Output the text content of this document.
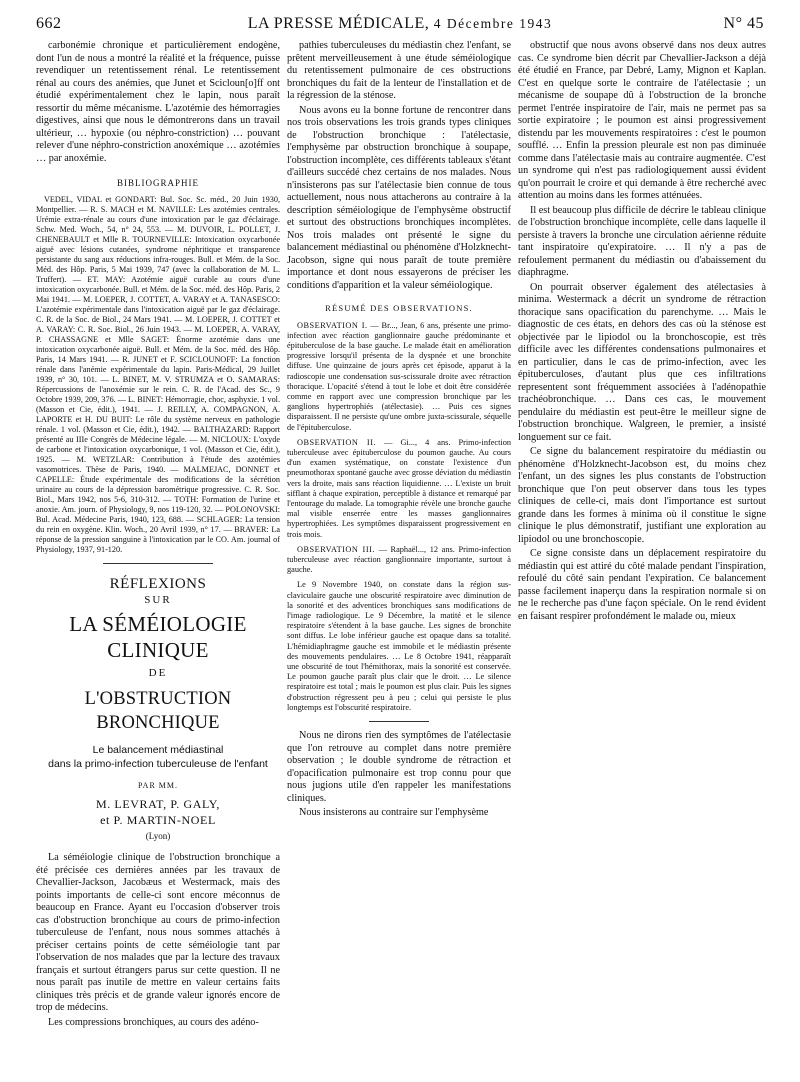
662	LA PRESSE MÉDICALE, 4 Décembre 1943	N° 45

carbonémie chronique et particulièrement endogène, dont l'un de nous a montré la réalité et la fréquence, puisse revendiquer un retentissement rénal. Le retentissement rénal au cours des anémies, que Junet et Scicloun[o]ff ont étudié expérimentalement chez le lapin, nous paraît ressortir du même mécanisme. L'azotémie des hémorragies digestives, ainsi que nous le démontrerons dans un travail ultérieur, … hypoxie (ou néphro-constriction) … pouvant relever d'une néphro-constriction anoxémique … azotémies … par anoxémie.

BIBLIOGRAPHIE

VEDEL, VIDAL et GONDART: Bul. Soc. Sc. méd., 20 Juin 1930, Montpellier. — R. S. MACH et M. NAVILLE: Les azotémies centrales. Urémie extra-rénale au cours d'une intoxication par le gaz d'éclairage. Schw. Med. Woch., 54, n° 24, 553. — M. DUVOIR, L. POLLET, J. CHENEBAULT et Mlle R. TOURNEVILLE: Intoxication oxycarbonée aiguë avec lésions cutanées, syndrome néphritique et transparence persistante du sang aux réductions infra-rouges. Bull. et Mém. de la Soc. Méd. des Hôp. Paris, 5 Mai 1939, 747 (avec la collaboration de M. L. Truffert). — ET. MAY: Azotémie aiguë curable au cours d'une intoxication oxycarbonée. Bull. et Mém. de la Soc. méd. des Hôp. Paris, 2 Mai 1941. — M. LOEPER, J. COTTET, A. VARAY et A. TANASESCO: L'azotémie expérimentale dans l'intoxication aiguë par le gaz d'éclairage. C. R. de la Soc. de Biol., 24 Mars 1941. — M. LOEPER, J. COTTET et A. VARAY: C. R. Soc. Biol., 26 Juin 1943. — M. LOEPER, A. VARAY, P. CHASSAGNE et Mlle SAGET: Énorme azotémie dans une intoxication oxycarbonée aiguë. Bull. et Mém. de la Soc. méd. des Hôp. Paris, 14 Mars 1941. — R. JUNET et F. SCICLOUNOFF: La fonction rénale dans l'anémie expérimentale du lapin. Paris-Médical, 29 Juillet 1939, n° 30, 101. — L. BINET, M. V. STRUMZA et O. SAMARAS: Répercussions de l'anoxémie sur le rein. C. R. de l'Acad. des Sc., 9 Octobre 1939, 209, 376. — L. BINET: Hémorragie, choc, asphyxie. 1 vol. (Masson et Cie, édit.), 1941. — J. REILLY, A. COMPAGNON, A. LAPORTE et H. DU BUIT: Le rôle du système nerveux en pathologie rénale. 1 vol. (Masson et Cie, édit.), 1942. — BALTHAZARD: Rapport présenté au IIIe Congrès de Médecine légale. — M. NICLOUX: L'oxyde de carbone et l'intoxication oxycarbonique, 1 vol. (Masson et Cie, édit.), 1925. — M. WETZLAR: Contribution à l'étude des azotémies vasomotrices. Thèse de Paris, 1940. — MALMEJAC, DONNET et CAPELLE: Étude expérimentale des modifications de la sécrétion urinaire au cours de la dépression barométrique progressive. C. R. Soc. Biol., Mars 1942, nos 5-6, 310-312. — TOTH: Formation de l'urine et anoxie. Am. journ. of Physiology, 9, nos 119-120, 32. — POLONOVSKI: Bul. Acad. Médecine Paris, 1940, 123, 688. — SCHLAGER: La tension du rein en oxygène. Klin. Woch., 20 Avril 1939, n° 17. — BRAVER: La réponse de la pression sanguine à l'intoxication par le CO. Am. journal of Physiology, 1937, 91-120.

RÉFLEXIONS
SUR
LA SÉMÉIOLOGIE CLINIQUE
DE
L'OBSTRUCTION BRONCHIQUE
Le balancement médiastinal
dans la primo-infection tuberculeuse de l'enfant
PAR MM.
M. LEVRAT, P. GALY,
et P. MARTIN-NOEL
(Lyon)

La séméiologie clinique de l'obstruction bronchique a été précisée ces dernières années par les travaux de Chevallier-Jackson, Jacobæus et Westermack, mais des points importants de celle-ci sont encore méconnus de beaucoup en France. Ayant eu l'occasion d'observer trois cas d'obstruction bronchique au cours de primo-infection tuberculeuse de l'enfant, nous nous sommes attachés à préciser certains points de cette séméiologie tant par l'observation de nos malades que par la lecture des travaux français et surtout étrangers parus sur cette question. Il ne nous paraît pas inutile de mettre en valeur certains faits cliniques très précis et de grande valeur ignorés encore de trop de médecins.

Les compressions bronchiques, au cours des adéno-

pathies tuberculeuses du médiastin chez l'enfant, se prêtent merveilleusement à une étude séméiologique du retentissement pulmonaire de ces obstructions bronchiques du fait de la lenteur de l'installation et de la régression de la sténose.

Nous avons eu la bonne fortune de rencontrer dans nos trois observations les trois grands types cliniques de l'obstruction bronchique : l'atélectasie, l'emphysème par obstruction bronchique à soupape, l'obstruction incomplète, ces différents tableaux s'étant d'ailleurs succédé chez certains de nos malades. Nous n'insisterons pas sur l'atélectasie bien connue de tous actuellement, nous nous attacherons au contraire à la description séméiologique de l'emphysème obstructif et surtout des obstructions bronchiques incomplètes. Nos trois malades ont présenté le signe du balancement médiastinal ou phénomène d'Holzknecht-Jacobson, signe qui nous paraît de toute première importance et dont nous essayerons de préciser les conditions d'apparition et la valeur séméiologique.

RÉSUMÉ DES OBSERVATIONS.

OBSERVATION I. — Br..., Jean, 6 ans, présente une primo-infection avec réaction ganglionnaire gauche prédominante et épituberculose de la base gauche. Le malade était en amélioration progressive lorsqu'il présenta de la dyspnée et une bronchite diffuse. Une quinzaine de jours après cet épisode, apparut à la radioscopie une condensation sus-scissurale droite avec rétraction thoracique. L'opacité s'étend à tout le lobe et doit être considérée comme en rapport avec une compression bronchique par les ganglions hypertrophiés (atélectasie). … Puis ces signes disparaissent. Il ne persiste qu'une ombre juxta-scissurale, séquelle de l'épituberculose.

OBSERVATION II. — Gi..., 4 ans. Primo-infection tuberculeuse avec épituberculose du poumon gauche. Au cours d'un examen systématique, on constate l'existence d'un pneumothorax spontané gauche avec grosse déviation du médiastin vers la droite, mais sans réaction liquidienne. … L'existe un bruit sifflant à chaque expiration, perceptible à distance et remarqué par l'entourage du malade. La tomographie révèle une bronche gauche mal visible enserrée entre les masses ganglionnaires hypertrophiées. Les symptômes disparaissent progressivement en trois mois.

OBSERVATION III. — Raphaël..., 12 ans. Primo-infection tuberculeuse avec réaction ganglionnaire importante, surtout à gauche.

Le 9 Novembre 1940, on constate dans la région sus-claviculaire gauche une obscurité respiratoire avec diminution de la sonorité et des adventices bronchiques sans modifications de l'image radiologique. Le 9 Décembre, la matité et le silence respiratoire s'étendent à la base gauche. Les signes de bronchite sont diffus. Le lobe inférieur gauche est opaque dans sa totalité. L'hémidiaphragme gauche est immobile et le médiastin présente des mouvements pendulaires. … Le 8 Octobre 1941, réapparaît une obscurité de tout l'hémithorax, mais la sonorité est conservée. Le poumon gauche paraît plus clair que le droit. … Le silence respiratoire est total ; mais le poumon est plus clair. Puis les signes d'obstruction régressent peu à peu ; celui qui persiste le plus longtemps est l'obscurité respiratoire.

Nous ne dirons rien des symptômes de l'atélectasie que l'on retrouve au complet dans notre première observation ; le double syndrome de rétraction et d'opacification pulmonaire est trop connu pour que nous jugions utile d'en rappeler les manifestations cliniques.

Nous insisterons au contraire sur l'emphysème

obstructif que nous avons observé dans nos deux autres cas. Ce syndrome bien décrit par Chevallier-Jackson a déjà été étudié en France, par Debré, Lamy, Mignon et Kaplan. C'est en quelque sorte le contraire de l'atélectasie ; un mécanisme de soupape dû à l'obstruction de la bronche permet l'entrée inspiratoire de l'air, mais ne permet pas sa sortie expiratoire ; le poumon est ainsi progressivement distendu par les mouvements respiratoires : c'est le poumon soufflé. … Enfin la pression pleurale est non pas diminuée comme dans l'atélectasie mais au contraire augmentée. C'est un syndrome qui n'est pas radiologiquement aussi évident qu'on pourrait le croire et qui demande à être recherché avec attention au moins dans les formes atténuées.

Il est beaucoup plus difficile de décrire le tableau clinique de l'obstruction bronchique incomplète, celle dans laquelle il persiste à travers la bronche une circulation aérienne réduite tant inspiratoire qu'expiratoire. … Il n'y a pas de refoulement permanent du médiastin ou d'abaissement du diaphragme.

On pourrait observer également des atélectasies à minima. Westermack a décrit un syndrome de rétraction thoracique sans opacification du parenchyme. … Mais le diagnostic de ces états, en dehors des cas où la sténose est objectivée par le lipiodol ou la bronchoscopie, est très difficile avec les différentes condensations pulmonaires et en particulier, dans le cas de primo-infection, avec les épituberculoses, d'autant plus que ces infiltrations representent sont fréquemment associées à l'adénopathie trachéobronchique. … Dans ces cas, le mouvement pendulaire du médiastin est peut-être le meilleur signe de l'obstruction bronchique. Walgreen, le premier, a insisté longuement sur ce fait.

Ce signe du balancement respiratoire du médiastin ou phénomène d'Holzknecht-Jacobson est, du moins chez l'enfant, un des signes les plus constants de l'obstruction bronchique que l'on peut observer dans tous les types cliniques de celle-ci, mais dont l'importance est surtout grande dans les formes à minima où il constitue le signe clinique le plus démonstratif, justifiant une exploration au lipiodol ou une bronchoscopie.

Ce signe consiste dans un déplacement respiratoire du médiastin qui est attiré du côté malade pendant l'inspiration, refoulé du côté sain pendant l'expiration. Ce balancement passe facilement inaperçu dans la respiration normale si on ne le recherche pas d'une façon spéciale. On le rend évident en faisant respirer profondément le malade ou, mieux
